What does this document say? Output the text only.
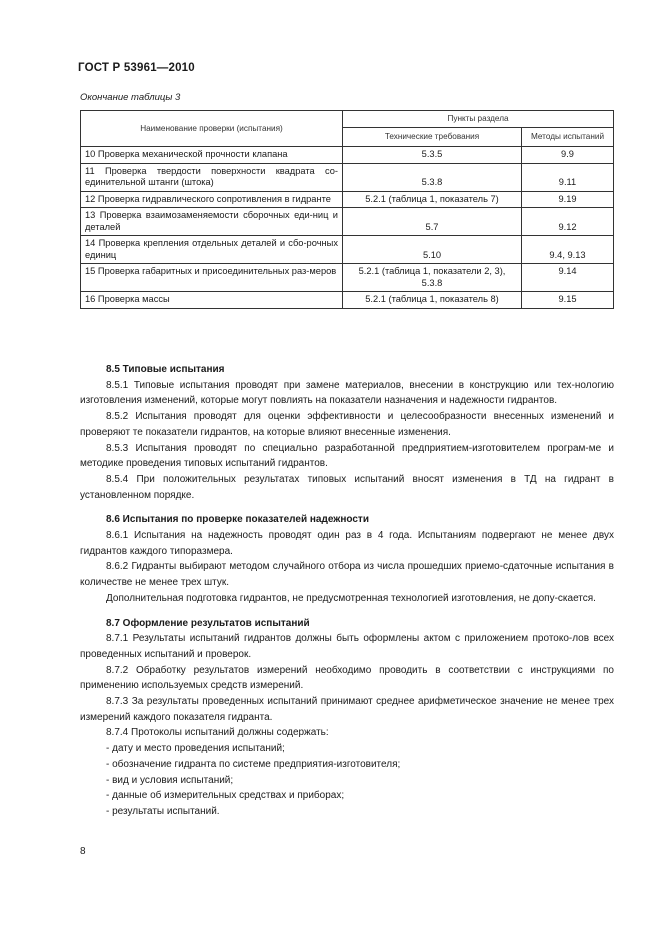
ГОСТ Р 53961—2010
Окончание таблицы 3
Наименование проверки (испытания)	Пункты раздела	
	Технические требования	Методы испытаний
10 Проверка механической прочности клапана	5.3.5	9.9
11 Проверка твердости поверхности квадрата со-единительной штанги (штока)	5.3.8	9.11
12 Проверка гидравлического сопротивления в гидранте	5.2.1 (таблица 1, показатель 7)	9.19
13 Проверка взаимозаменяемости сборочных еди-ниц и деталей	5.7	9.12
14 Проверка крепления отдельных деталей и сбо-рочных единиц	5.10	9.4, 9.13
15 Проверка габаритных и присоединительных раз-меров	5.2.1 (таблица 1, показатели 2, 3), 5.3.8	9.14
16 Проверка массы	5.2.1 (таблица 1, показатель 8)	9.15
8.5 Типовые испытания

8.5.1 Типовые испытания проводят при замене материалов, внесении в конструкцию или тех-нологию изготовления изменений, которые могут повлиять на показатели назначения и надежности гидрантов.

8.5.2 Испытания проводят для оценки эффективности и целесообразности внесенных изменений и проверяют те показатели гидрантов, на которые влияют внесенные изменения.

8.5.3 Испытания проводят по специально разработанной предприятием-изготовителем програм-ме и методике проведения типовых испытаний гидрантов.

8.5.4 При положительных результатах типовых испытаний вносят изменения в ТД на гидрант в установленном порядке.

8.6 Испытания по проверке показателей надежности

8.6.1 Испытания на надежность проводят один раз в 4 года. Испытаниям подвергают не менее двух гидрантов каждого типоразмера.

8.6.2 Гидранты выбирают методом случайного отбора из числа прошедших приемо-сдаточные испытания в количестве не менее трех штук.

Дополнительная подготовка гидрантов, не предусмотренная технологией изготовления, не допу-скается.

8.7 Оформление результатов испытаний

8.7.1 Результаты испытаний гидрантов должны быть оформлены актом с приложением протоко-лов всех проведенных испытаний и проверок.

8.7.2 Обработку результатов измерений необходимо проводить в соответствии с инструкциями по применению используемых средств измерений.

8.7.3 За результаты проведенных испытаний принимают среднее арифметическое значение не менее трех измерений каждого показателя гидранта.

8.7.4 Протоколы испытаний должны содержать:

- дату и место проведения испытаний;

- обозначение гидранта по системе предприятия-изготовителя;

- вид и условия испытаний;

- данные об измерительных средствах и приборах;

- результаты испытаний.

8
